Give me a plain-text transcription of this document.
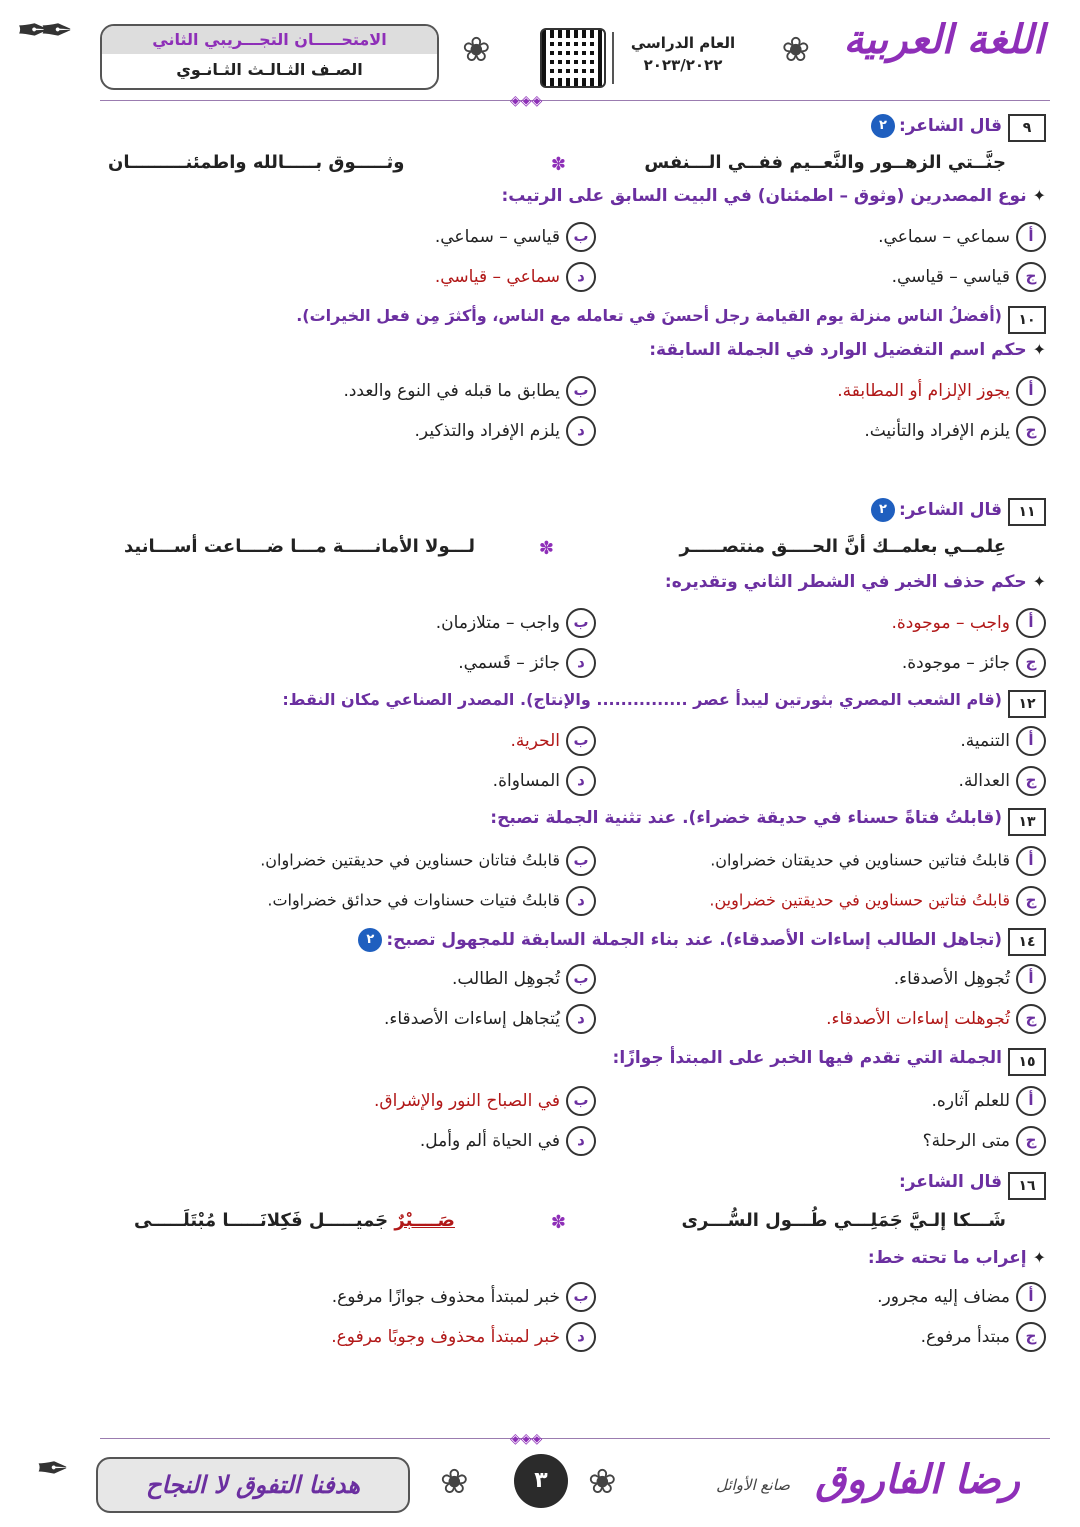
✒	اللغة العربية
❀
العام الدراسي
٢٠٢٣/٢٠٢٢
❀
الامتحـــــان التجـــريبي الثاني
الصـف الثـالـث الثـانـوي
✒
◈◈◈
٩
قال الشاعر:٢
جنَّــتي الزهــور والنَّعــيم ففــي الـــنفس
✽
وثـــــوق بـــــالله واطمئنـــــــــان
✦نوع المصدرين (وثوق – اطمئنان) في البيت السابق على الرتيب:
أسماعي – سماعي.
بقياسي – سماعي.
جقياسي – قياسي.
دسماعي – قياسي.
١٠
(أفضلُ الناس منزلة يوم القيامة رجل أحسنَ في تعامله مع الناس، وأكثرَ مِن فعل الخيرات).
✦حكم اسم التفضيل الوارد في الجملة السابقة:
أيجوز الإلزام أو المطابقة.
بيطابق ما قبله في النوع والعدد.
جيلزم الإفراد والتأنيث.
ديلزم الإفراد والتذكير.
١١
قال الشاعر:٢
عِلمــي بعلمــك أنَّ الحــــق منتصـــــر
✽
لـــولا الأمانـــــة مـــا ضــــاعت أســـانيد
✦حكم حذف الخبر في الشطر الثاني وتقديره:
أواجب – موجودة.
بواجب – متلازمان.
ججائز – موجودة.
دجائز – قَسمي.
١٢
(قام الشعب المصري بثورتين ليبدأ عصر ............... والإنتاج). المصدر الصناعي مكان النقط:
أالتنمية.
بالحرية.
جالعدالة.
دالمساواة.
١٣
(قابلتُ فتاةً حسناء في حديقة خضراء). عند تثنية الجملة تصبح:
أقابلتُ فتاتين حسناوين في حديقتان خضراوان.
بقابلتُ فتاتان حسناوين في حديقتين خضراوان.
جقابلتُ فتاتين حسناوين في حديقتين خضراوين.
دقابلتُ فتيات حسناوات في حدائق خضراوات.
١٤
(تجاهل الطالب إساءات الأصدقاء). عند بناء الجملة السابقة للمجهول تصبح:٢
أتُجوهِل الأصدقاء.
بتُجوهِل الطالب.
جتُجوهلت إساءات الأصدقاء.
ديُتجاهل إساءات الأصدقاء.
١٥
الجملة التي تقدم فيها الخبر على المبتدأ جوازًا:
أللعلم آثاره.
بفي الصباح النور والإشراق.
جمتى الرحلة؟
دفي الحياة ألم وأمل.
١٦
قال الشاعر:
شَـــكا إلـيَّ جَمَلِـــي طُـــول السُّـــرى
✽
صَــــبْرٌ جَميـــــل فَكِلانَـــــا مُبْتَلَـــــى
✦إعراب ما تحته خط:
أمضاف إليه مجرور.
بخبر لمبتدأ محذوف جوازًا مرفوع.
جمبتدأ مرفوع.
دخبر لمبتدأ محذوف وجوبًا مرفوع.
◈◈◈
رضا الفاروق
صانع الأوائل
❀
٣
❀
هدفنا التفوق لا النجاح
✒
